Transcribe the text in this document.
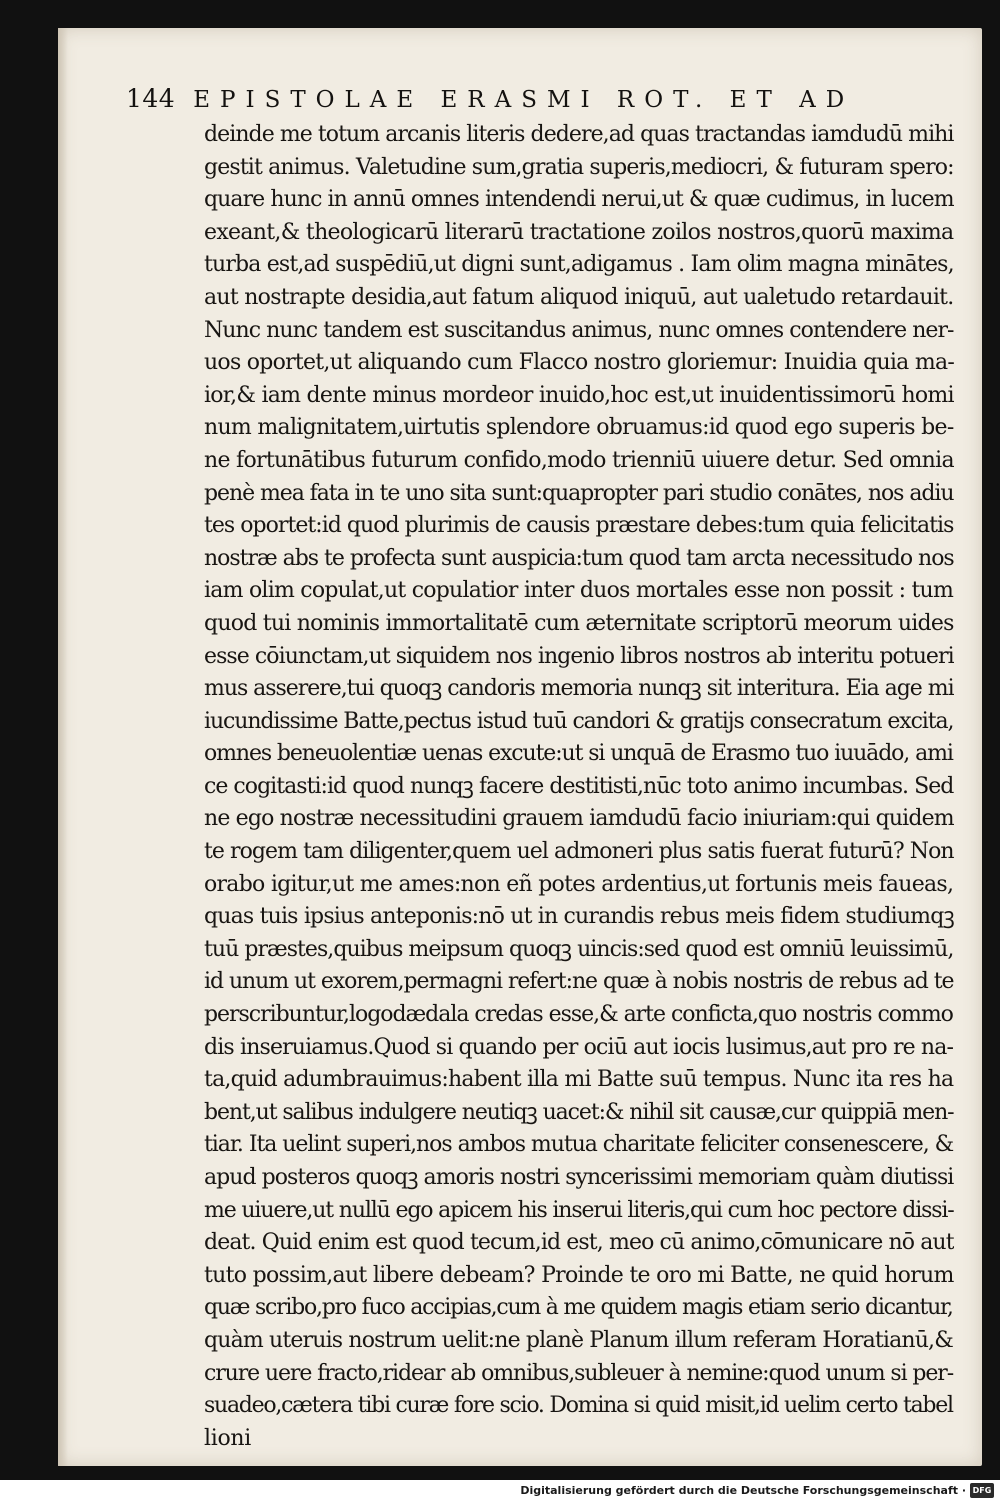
144 EPISTOLAE ERASMI ROT. ET AD
deinde me totum arcanis literis dedere,ad quas tractandas iamdudū mihi
gestit animus. Valetudine sum,gratia superis,mediocri, & futuram spero:
quare hunc in annū omnes intendendi nerui,ut & quæ cudimus, in lucem
exeant,& theologicarū literarū tractatione zoilos nostros,quorū maxima
turba est,ad suspēdiū,ut digni sunt,adigamus . Iam olim magna minātes,
aut nostrapte desidia,aut fatum aliquod iniquū, aut ualetudo retardauit.
Nunc nunc tandem est suscitandus animus, nunc omnes contendere ner-
uos oportet,ut aliquando cum Flacco nostro gloriemur: Inuidia quia ma-
ior,& iam dente minus mordeor inuido,hoc est,ut inuidentissimorū homi
num malignitatem,uirtutis splendore obruamus:id quod ego superis be-
ne fortunātibus futurum confido,modo trienniū uiuere detur. Sed omnia
penè mea fata in te uno sita sunt:quapropter pari studio conātes, nos adiu
tes oportet:id quod plurimis de causis præstare debes:tum quia felicitatis
nostræ abs te profecta sunt auspicia:tum quod tam arcta necessitudo nos
iam olim copulat,ut copulatior inter duos mortales esse non possit : tum
quod tui nominis immortalitatē cum æternitate scriptorū meorum uides
esse cōiunctam,ut siquidem nos ingenio libros nostros ab interitu potueri
mus asserere,tui quoqꝫ candoris memoria nunqꝫ sit interitura. Eia age mi
iucundissime Batte,pectus istud tuū candori & gratijs consecratum excita,
omnes beneuolentiæ uenas excute:ut si unquā de Erasmo tuo iuuādo, ami
ce cogitasti:id quod nunqꝫ facere destitisti,nūc toto animo incumbas. Sed
ne ego nostræ necessitudini grauem iamdudū facio iniuriam:qui quidem
te rogem tam diligenter,quem uel admoneri plus satis fuerat futurū? Non
orabo igitur,ut me ames:non eñ potes ardentius,ut fortunis meis faueas,
quas tuis ipsius anteponis:nō ut in curandis rebus meis fidem studiumqꝫ
tuū præstes,quibus meipsum quoqꝫ uincis:sed quod est omniū leuissimū,
id unum ut exorem,permagni refert:ne quæ à nobis nostris de rebus ad te
perscribuntur,logodædala credas esse,& arte conficta,quo nostris commo
dis inseruiamus.Quod si quando per ociū aut iocis lusimus,aut pro re na-
ta,quid adumbrauimus:habent illa mi Batte suū tempus. Nunc ita res ha
bent,ut salibus indulgere neutiqꝫ uacet:& nihil sit causæ,cur quippiā men-
tiar. Ita uelint superi,nos ambos mutua charitate feliciter consenescere, &
apud posteros quoqꝫ amoris nostri syncerissimi memoriam quàm diutissi
me uiuere,ut nullū ego apicem his inserui literis,qui cum hoc pectore dissi-
deat. Quid enim est quod tecum,id est, meo cū animo,cōmunicare nō aut
tuto possim,aut libere debeam? Proinde te oro mi Batte, ne quid horum
quæ scribo,pro fuco accipias,cum à me quidem magis etiam serio dicantur,
quàm uteruis nostrum uelit:ne planè Planum illum referam Horatianū,&
crure uere fracto,ridear ab omnibus,subleuer à nemine:quod unum si per-
suadeo,cætera tibi curæ fore scio. Domina si quid misit,id uelim certo tabel
lioni
Digitalisierung gefördert durch die Deutsche Forschungsgemeinschaft · DFG
